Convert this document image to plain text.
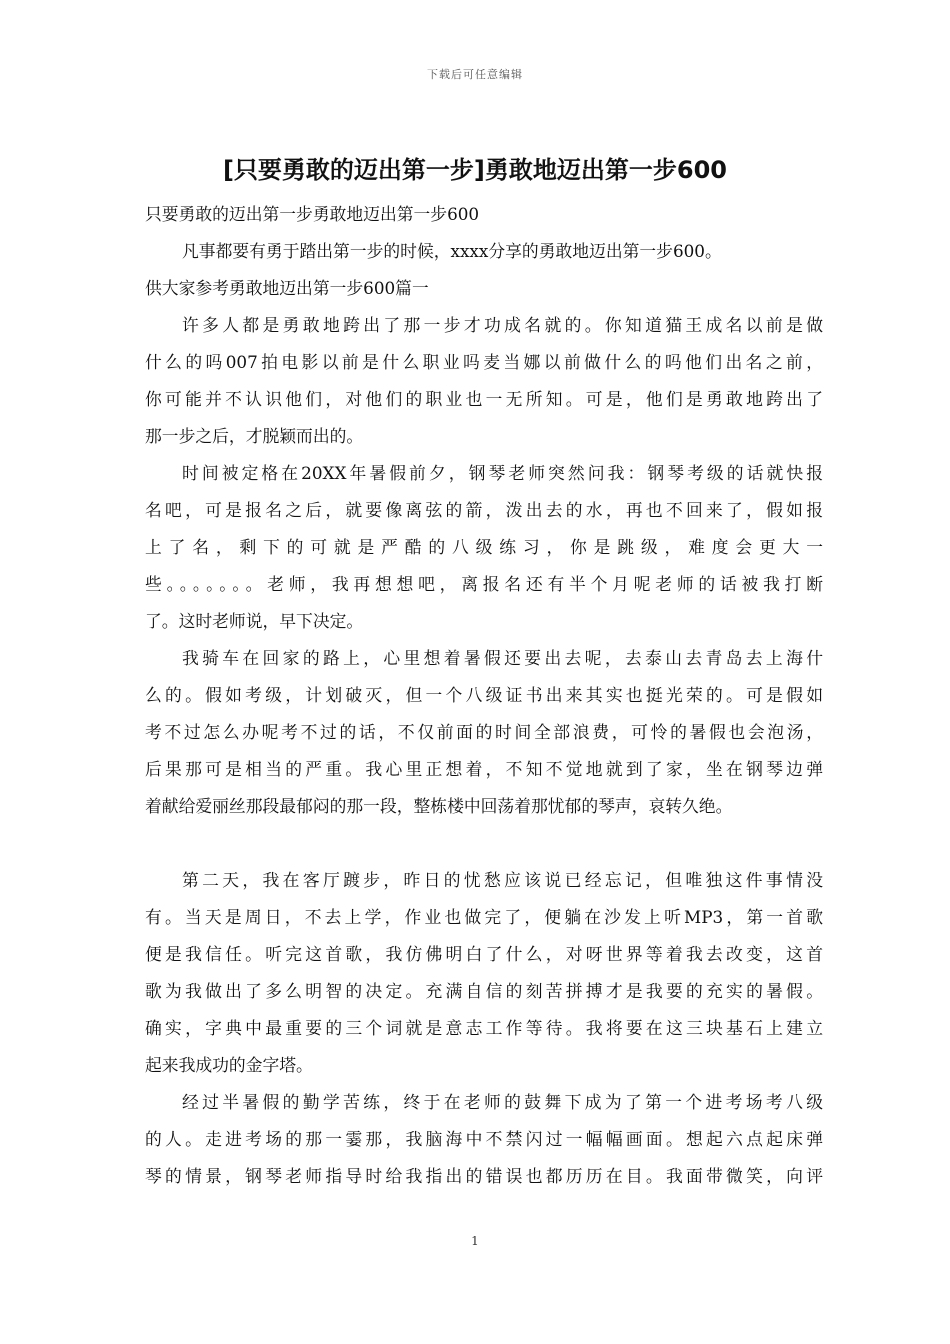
下载后可任意编辑
[只要勇敢的迈出第一步]勇敢地迈出第一步600
只要勇敢的迈出第一步勇敢地迈出第一步600
凡事都要有勇于踏出第一步的时候，xxxx分享的勇敢地迈出第一步600。
供大家参考勇敢地迈出第一步600篇一
许多人都是勇敢地跨出了那一步才功成名就的。你知道猫王成名以前是做
什么的吗007拍电影以前是什么职业吗麦当娜以前做什么的吗他们出名之前，
你可能并不认识他们，对他们的职业也一无所知。可是，他们是勇敢地跨出了
那一步之后，才脱颖而出的。
时间被定格在20XX年暑假前夕，钢琴老师突然问我：钢琴考级的话就快报
名吧，可是报名之后，就要像离弦的箭，泼出去的水，再也不回来了，假如报
上了名，剩下的可就是严酷的八级练习，你是跳级，难度会更大一
些。。。。。。。老师，我再想想吧，离报名还有半个月呢老师的话被我打断
了。这时老师说，早下决定。
我骑车在回家的路上，心里想着暑假还要出去呢，去泰山去青岛去上海什
么的。假如考级，计划破灭，但一个八级证书出来其实也挺光荣的。可是假如
考不过怎么办呢考不过的话，不仅前面的时间全部浪费，可怜的暑假也会泡汤，
后果那可是相当的严重。我心里正想着，不知不觉地就到了家，坐在钢琴边弹
着献给爱丽丝那段最郁闷的那一段，整栋楼中回荡着那忧郁的琴声，哀转久绝。
第二天，我在客厅踱步，昨日的忧愁应该说已经忘记，但唯独这件事情没
有。当天是周日，不去上学，作业也做完了，便躺在沙发上听MP3，第一首歌
便是我信任。听完这首歌，我仿佛明白了什么，对呀世界等着我去改变，这首
歌为我做出了多么明智的决定。充满自信的刻苦拼搏才是我要的充实的暑假。
确实，字典中最重要的三个词就是意志工作等待。我将要在这三块基石上建立
起来我成功的金字塔。
经过半暑假的勤学苦练，终于在老师的鼓舞下成为了第一个进考场考八级
的人。走进考场的那一霎那，我脑海中不禁闪过一幅幅画面。想起六点起床弹
琴的情景，钢琴老师指导时给我指出的错误也都历历在目。我面带微笑，向评
1
